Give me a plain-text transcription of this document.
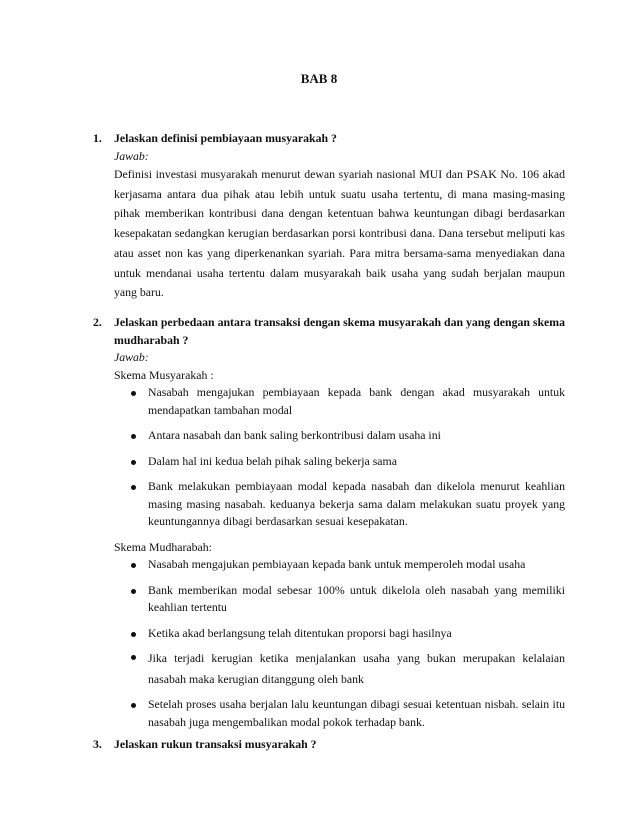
BAB 8
1. Jelaskan definisi pembiayaan musyarakah ?
Jawab:
Definisi investasi musyarakah menurut dewan syariah nasional MUI dan PSAK No. 106 akad kerjasama antara dua pihak atau lebih untuk suatu usaha tertentu, di mana masing-masing pihak memberikan kontribusi dana dengan ketentuan bahwa keuntungan dibagi berdasarkan kesepakatan sedangkan kerugian berdasarkan porsi kontribusi dana. Dana tersebut meliputi kas atau asset non kas yang diperkenankan syariah. Para mitra bersama-sama menyediakan dana untuk mendanai usaha tertentu dalam musyarakah baik usaha yang sudah berjalan maupun yang baru.
2. Jelaskan perbedaan antara transaksi dengan skema musyarakah dan yang dengan skema mudharabah ?
Jawab:
Skema Musyarakah :
Nasabah mengajukan pembiayaan kepada bank dengan akad musyarakah untuk mendapatkan tambahan modal
Antara nasabah dan bank saling berkontribusi dalam usaha ini
Dalam hal ini kedua belah pihak saling bekerja sama
Bank melakukan pembiayaan modal kepada nasabah dan dikelola menurut keahlian masing masing nasabah. keduanya bekerja sama dalam melakukan suatu proyek yang keuntungannya dibagi berdasarkan sesuai kesepakatan.
Skema Mudharabah:
Nasabah mengajukan pembiayaan kepada bank untuk memperoleh modal usaha
Bank memberikan modal sebesar 100% untuk dikelola oleh nasabah yang memiliki keahlian tertentu
Ketika akad berlangsung telah ditentukan proporsi bagi hasilnya
Jika terjadi kerugian ketika menjalankan usaha yang bukan merupakan kelalaian nasabah maka kerugian ditanggung oleh bank
Setelah proses usaha berjalan lalu keuntungan dibagi sesuai ketentuan nisbah. selain itu nasabah juga mengembalikan modal pokok terhadap bank.
3. Jelaskan rukun transaksi musyarakah ?
